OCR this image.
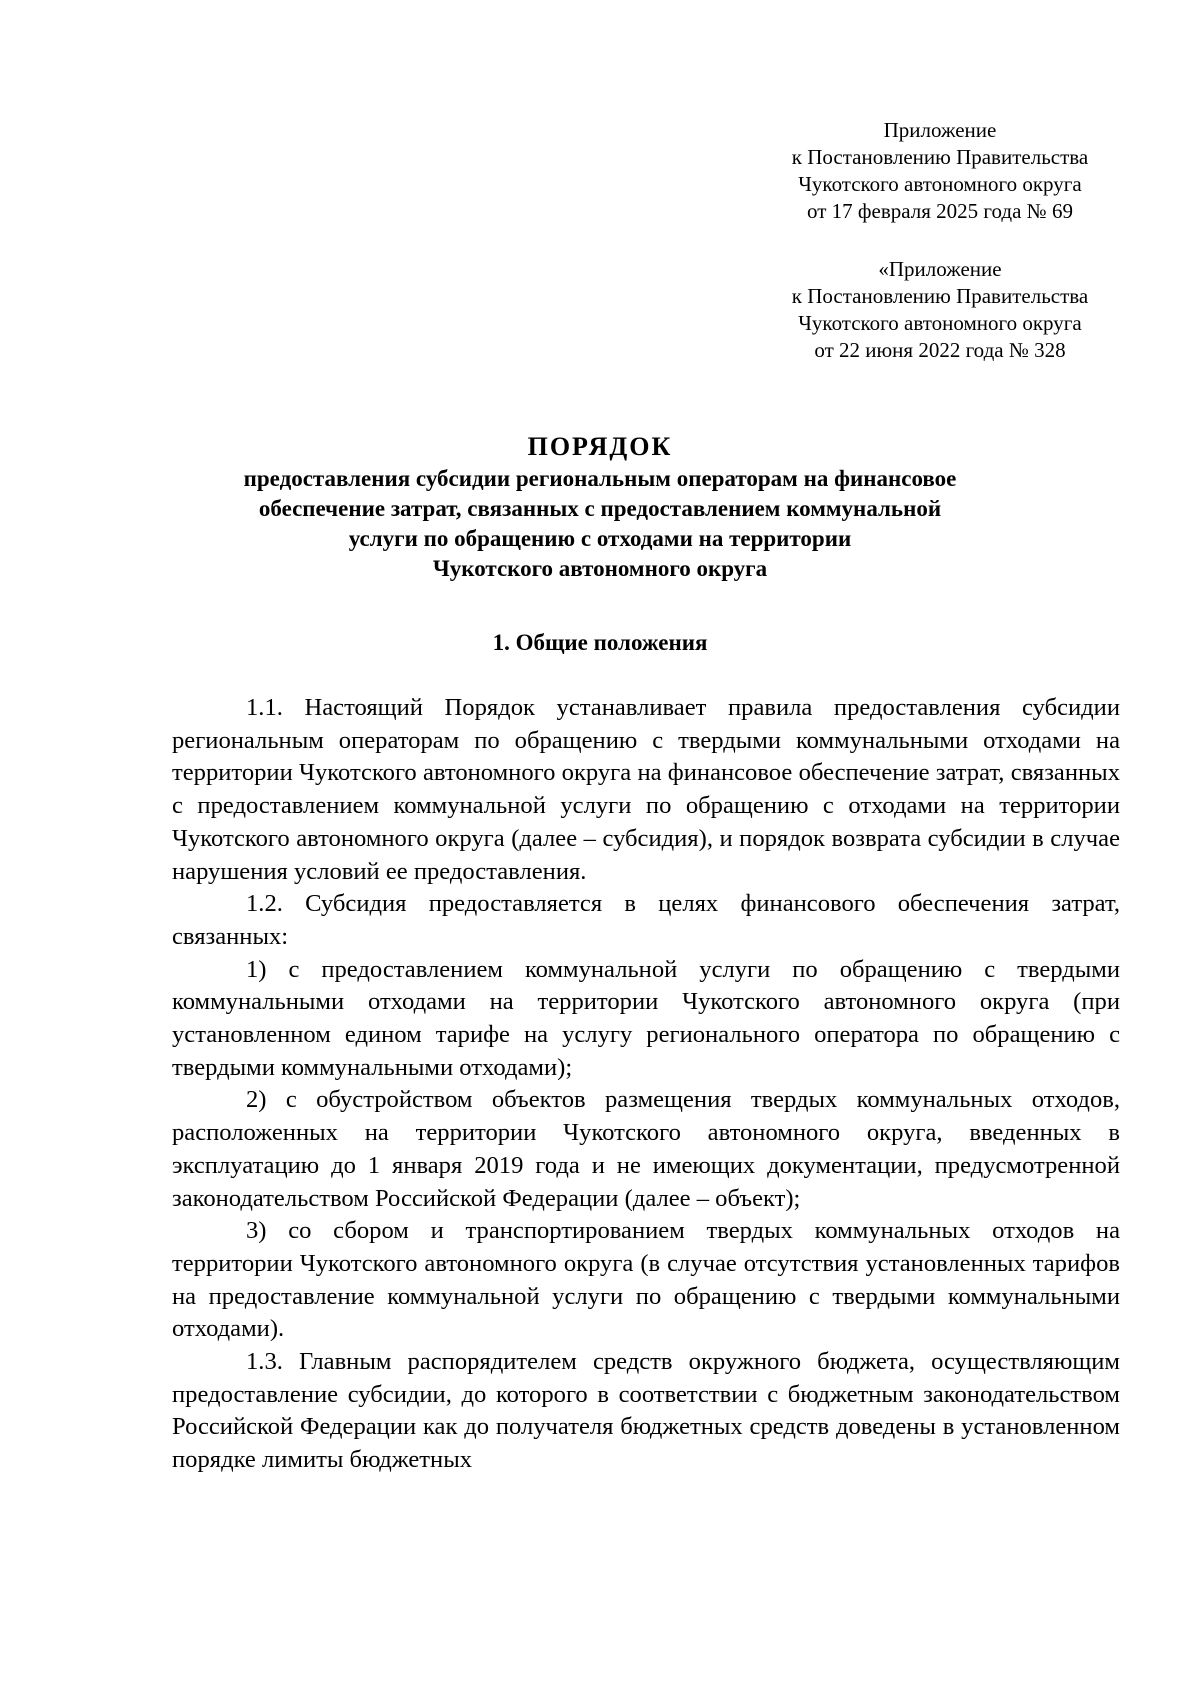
Приложение
к Постановлению Правительства
Чукотского автономного округа
от 17 февраля 2025 года № 69
«Приложение
к Постановлению Правительства
Чукотского автономного округа
от 22 июня 2022 года № 328
ПОРЯДОК
предоставления субсидии региональным операторам на финансовое
обеспечение затрат, связанных с предоставлением коммунальной
услуги по обращению с отходами на территории
Чукотского автономного округа
1. Общие положения

1.1. Настоящий Порядок устанавливает правила предоставления субсидии региональным операторам по обращению с твердыми коммунальными отходами на территории Чукотского автономного округа на финансовое обеспечение затрат, связанных с предоставлением коммунальной услуги по обращению с отходами на территории Чукотского автономного округа (далее – субсидия), и порядок возврата субсидии в случае нарушения условий ее предоставления.

1.2. Субсидия предоставляется в целях финансового обеспечения затрат, связанных:

1) с предоставлением коммунальной услуги по обращению с твердыми коммунальными отходами на территории Чукотского автономного округа (при установленном едином тарифе на услугу регионального оператора по обращению с твердыми коммунальными отходами);

2) с обустройством объектов размещения твердых коммунальных отходов, расположенных на территории Чукотского автономного округа, введенных в эксплуатацию до 1 января 2019 года и не имеющих документации, предусмотренной законодательством Российской Федерации (далее – объект);

3) со сбором и транспортированием твердых коммунальных отходов на территории Чукотского автономного округа (в случае отсутствия установленных тарифов на предоставление коммунальной услуги по обращению с твердыми коммунальными отходами).

1.3. Главным распорядителем средств окружного бюджета, осуществляющим предоставление субсидии, до которого в соответствии с бюджетным законодательством Российской Федерации как до получателя бюджетных средств доведены в установленном порядке лимиты бюджетных
